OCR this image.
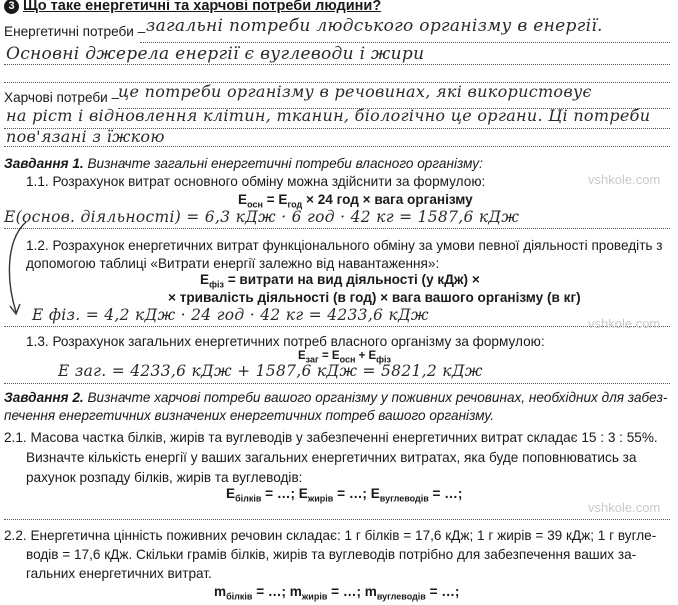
3 Що таке енергетичні та харчові потреби людини?
Енергетичні потреби – загальні потреби людського організму в енергії.
Основні джерела енергії є вуглеводи і жири
Харчові потреби –
це потреби організму в речовинах, які використовує
на ріст і відновлення клітин, тканин, біологічно це органи. Ці потреби
пов'язані з їжкою
Завдання 1. Визначте загальні енергетичні потреби власного організму:
1.1. Розрахунок витрат основного обміну можна здійснити за формулою:
$E_{осн} = E_{год} \times 24$ год × вага організму
Е(основ. діяльності) = 6,3 кДж · 6 год · 42 кг = 1587,6 кДж
1.2. Розрахунок енергетичних витрат функціонального обміну за умови певної діяльності проведіть з
допомогою таблиці «Витрати енергії залежно від навантаження»:
$E_{фіз}$ = витрати на вид діяльності (у кДж) ×
× тривалість діяльності (в год) × вага вашого організму (в кг)
Е фіз. = 4,2 кДж · 24 год · 42 кг = 4233,6 кДж
1.3. Розрахунок загальних енергетичних потреб власного організму за формулою:
$E_{заг} = E_{осн} + E_{фіз}$
Е заг. = 4233,6 кДж + 1587,6 кДж = 5821,2 кДж
Завдання 2. Визначте харчові потреби вашого організму у поживних речовинах, необхідних для забез-
печення енергетичних визначених енергетичних потреб вашого організму.
2.1. Масова частка білків, жирів та вуглеводів у забезпеченні енергетичних витрат складає 15 : 3 : 55%.
Визначте кількість енергії у ваших загальних енергетичних витратах, яка буде поповнюватись за
рахунок розпаду білків, жирів та вуглеводів:
$E_{білків}$ = …; $E_{жирів}$ = …; $E_{вуглеводів}$ = …;
2.2. Енергетична цінність поживних речовин складає: 1 г білків = 17,6 кДж; 1 г жирів = 39 кДж; 1 г вугле-
водів = 17,6 кДж. Скільки грамів білків, жирів та вуглеводів потрібно для забезпечення ваших за-
гальних енергетичних витрат.
$m_{білків}$ = …; $m_{жирів}$ = …; $m_{вуглеводів}$ = …;
vshkole.com
vshkole.com
vshkole.com
